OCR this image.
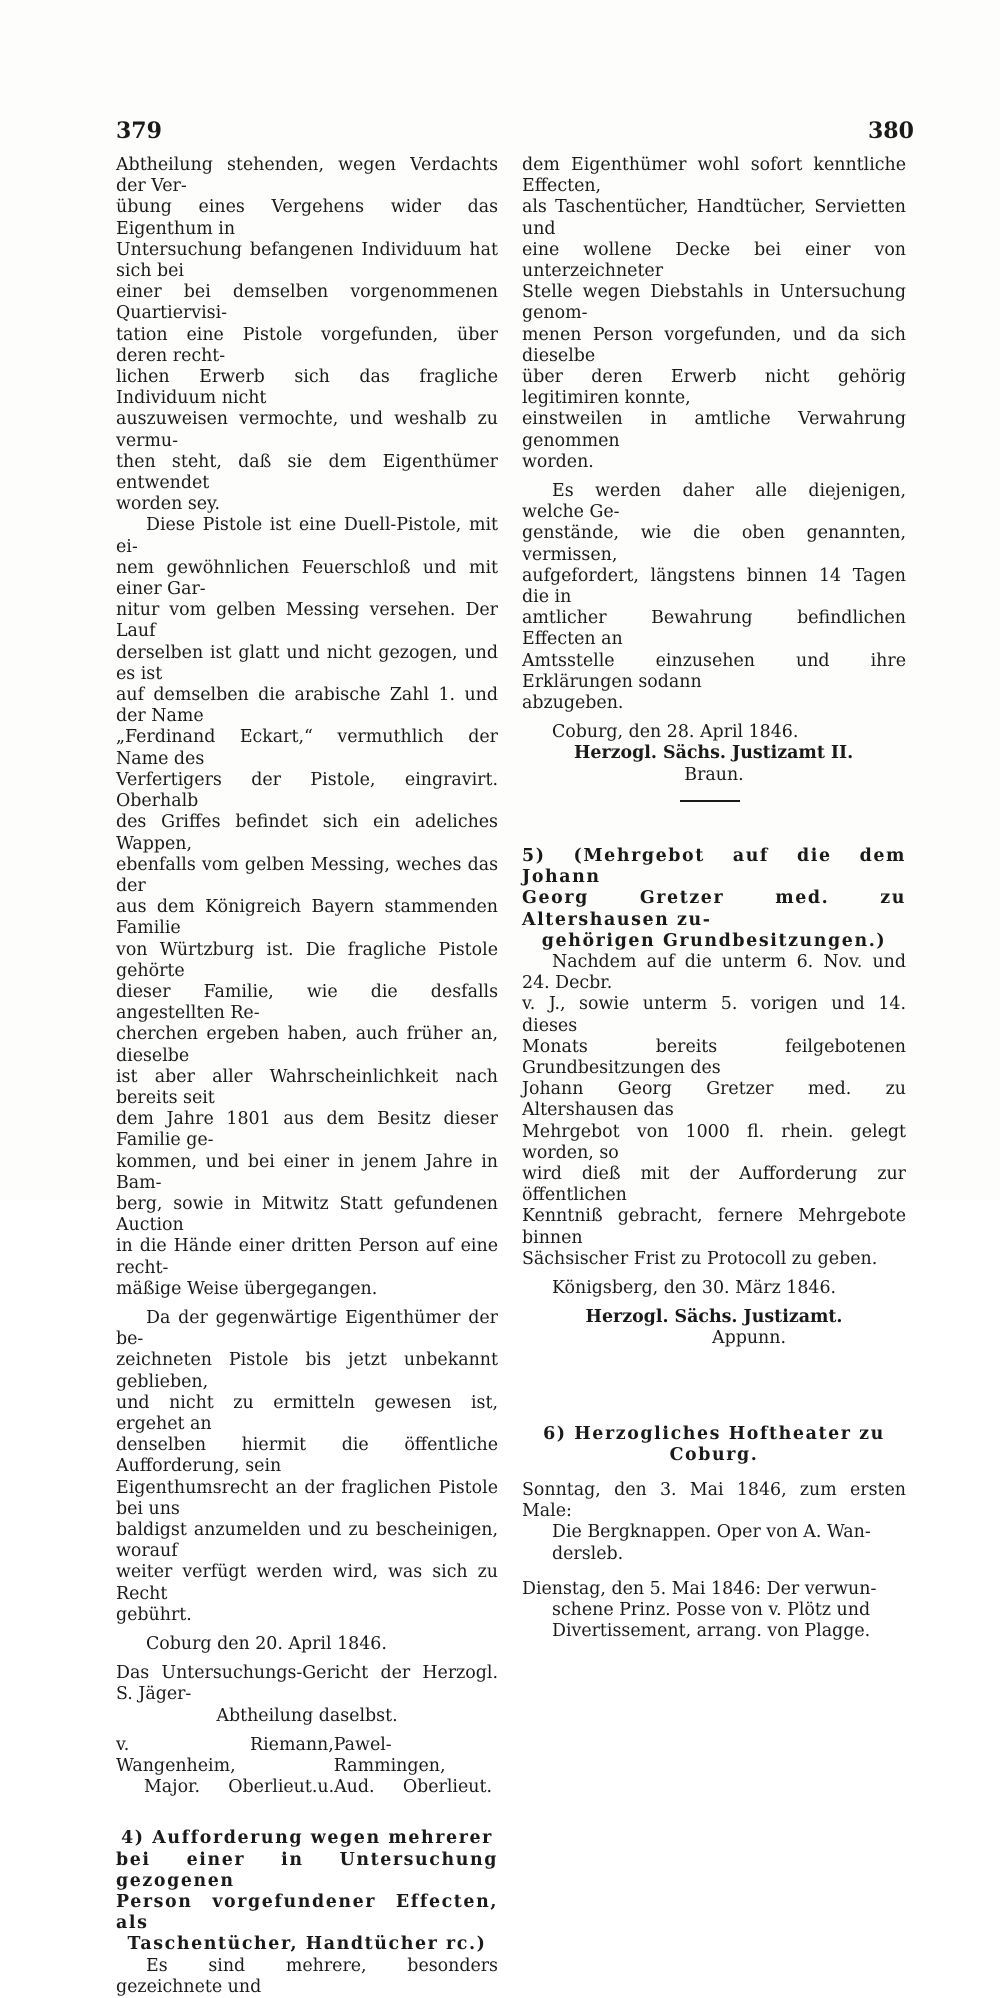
379	380

Abtheilung stehenden, wegen Verdachts der Ver-

übung eines Vergehens wider das Eigenthum in

Untersuchung befangenen Individuum hat sich bei

einer bei demselben vorgenommenen Quartiervisi-

tation eine Pistole vorgefunden, über deren recht-

lichen Erwerb sich das fragliche Individuum nicht

auszuweisen vermochte, und weshalb zu vermu-

then steht, daß sie dem Eigenthümer entwendet

worden sey.

Diese Pistole ist eine Duell-Pistole, mit ei-

nem gewöhnlichen Feuerschloß und mit einer Gar-

nitur vom gelben Messing versehen. Der Lauf

derselben ist glatt und nicht gezogen, und es ist

auf demselben die arabische Zahl 1. und der Name

„Ferdinand Eckart,“ vermuthlich der Name des

Verfertigers der Pistole, eingravirt. Oberhalb

des Griffes befindet sich ein adeliches Wappen,

ebenfalls vom gelben Messing, weches das der

aus dem Königreich Bayern stammenden Familie

von Würtzburg ist. Die fragliche Pistole gehörte

dieser Familie, wie die desfalls angestellten Re-

cherchen ergeben haben, auch früher an, dieselbe

ist aber aller Wahrscheinlichkeit nach bereits seit

dem Jahre 1801 aus dem Besitz dieser Familie ge-

kommen, und bei einer in jenem Jahre in Bam-

berg, sowie in Mitwitz Statt gefundenen Auction

in die Hände einer dritten Person auf eine recht-

mäßige Weise übergegangen.

Da der gegenwärtige Eigenthümer der be-

zeichneten Pistole bis jetzt unbekannt geblieben,

und nicht zu ermitteln gewesen ist, ergehet an

denselben hiermit die öffentliche Aufforderung, sein

Eigenthumsrecht an der fraglichen Pistole bei uns

baldigst anzumelden und zu bescheinigen, worauf

weiter verfügt werden wird, was sich zu Recht

gebührt.

Coburg den 20. April 1846.

Das Untersuchungs-Gericht der Herzogl. S. Jäger-

Abtheilung daselbst.

v. Wangenheim,
Riemann, Pawel-Rammingen,
Major. Oberlieut.u.Aud. Oberlieut.

4) Aufforderung wegen mehrerer

bei einer in Untersuchung gezogenen

Person vorgefundener Effecten, als

Taschentücher, Handtücher rc.)

Es sind mehrere, besonders gezeichnete und

dem Eigenthümer wohl sofort kenntliche Effecten,

als Taschentücher, Handtücher, Servietten und

eine wollene Decke bei einer von unterzeichneter

Stelle wegen Diebstahls in Untersuchung genom-

menen Person vorgefunden, und da sich dieselbe

über deren Erwerb nicht gehörig legitimiren konnte,

einstweilen in amtliche Verwahrung genommen

worden.

Es werden daher alle diejenigen, welche Ge-

genstände, wie die oben genannten, vermissen,

aufgefordert, längstens binnen 14 Tagen die in

amtlicher Bewahrung befindlichen Effecten an

Amtsstelle einzusehen und ihre Erklärungen sodann

abzugeben.

Coburg, den 28. April 1846.

Herzogl. Sächs. Justizamt II.

Braun.

5) (Mehrgebot auf die dem Johann

Georg Gretzer med. zu Altershausen zu-

gehörigen Grundbesitzungen.)

Nachdem auf die unterm 6. Nov. und 24. Decbr.

v. J., sowie unterm 5. vorigen und 14. dieses

Monats bereits feilgebotenen Grundbesitzungen des

Johann Georg Gretzer med. zu Altershausen das

Mehrgebot von 1000 fl. rhein. gelegt worden, so

wird dieß mit der Aufforderung zur öffentlichen

Kenntniß gebracht, fernere Mehrgebote binnen

Sächsischer Frist zu Protocoll zu geben.

Königsberg, den 30. März 1846.

Herzogl. Sächs. Justizamt.

Appunn.

6) Herzogliches Hoftheater zu Coburg.

Sonntag, den 3. Mai 1846, zum ersten Male:

Die Bergknappen. Oper von A. Wan-

dersleb.

Dienstag, den 5. Mai 1846: Der verwun-

schene Prinz. Posse von v. Plötz und

Divertissement, arrang. von Plagge.
